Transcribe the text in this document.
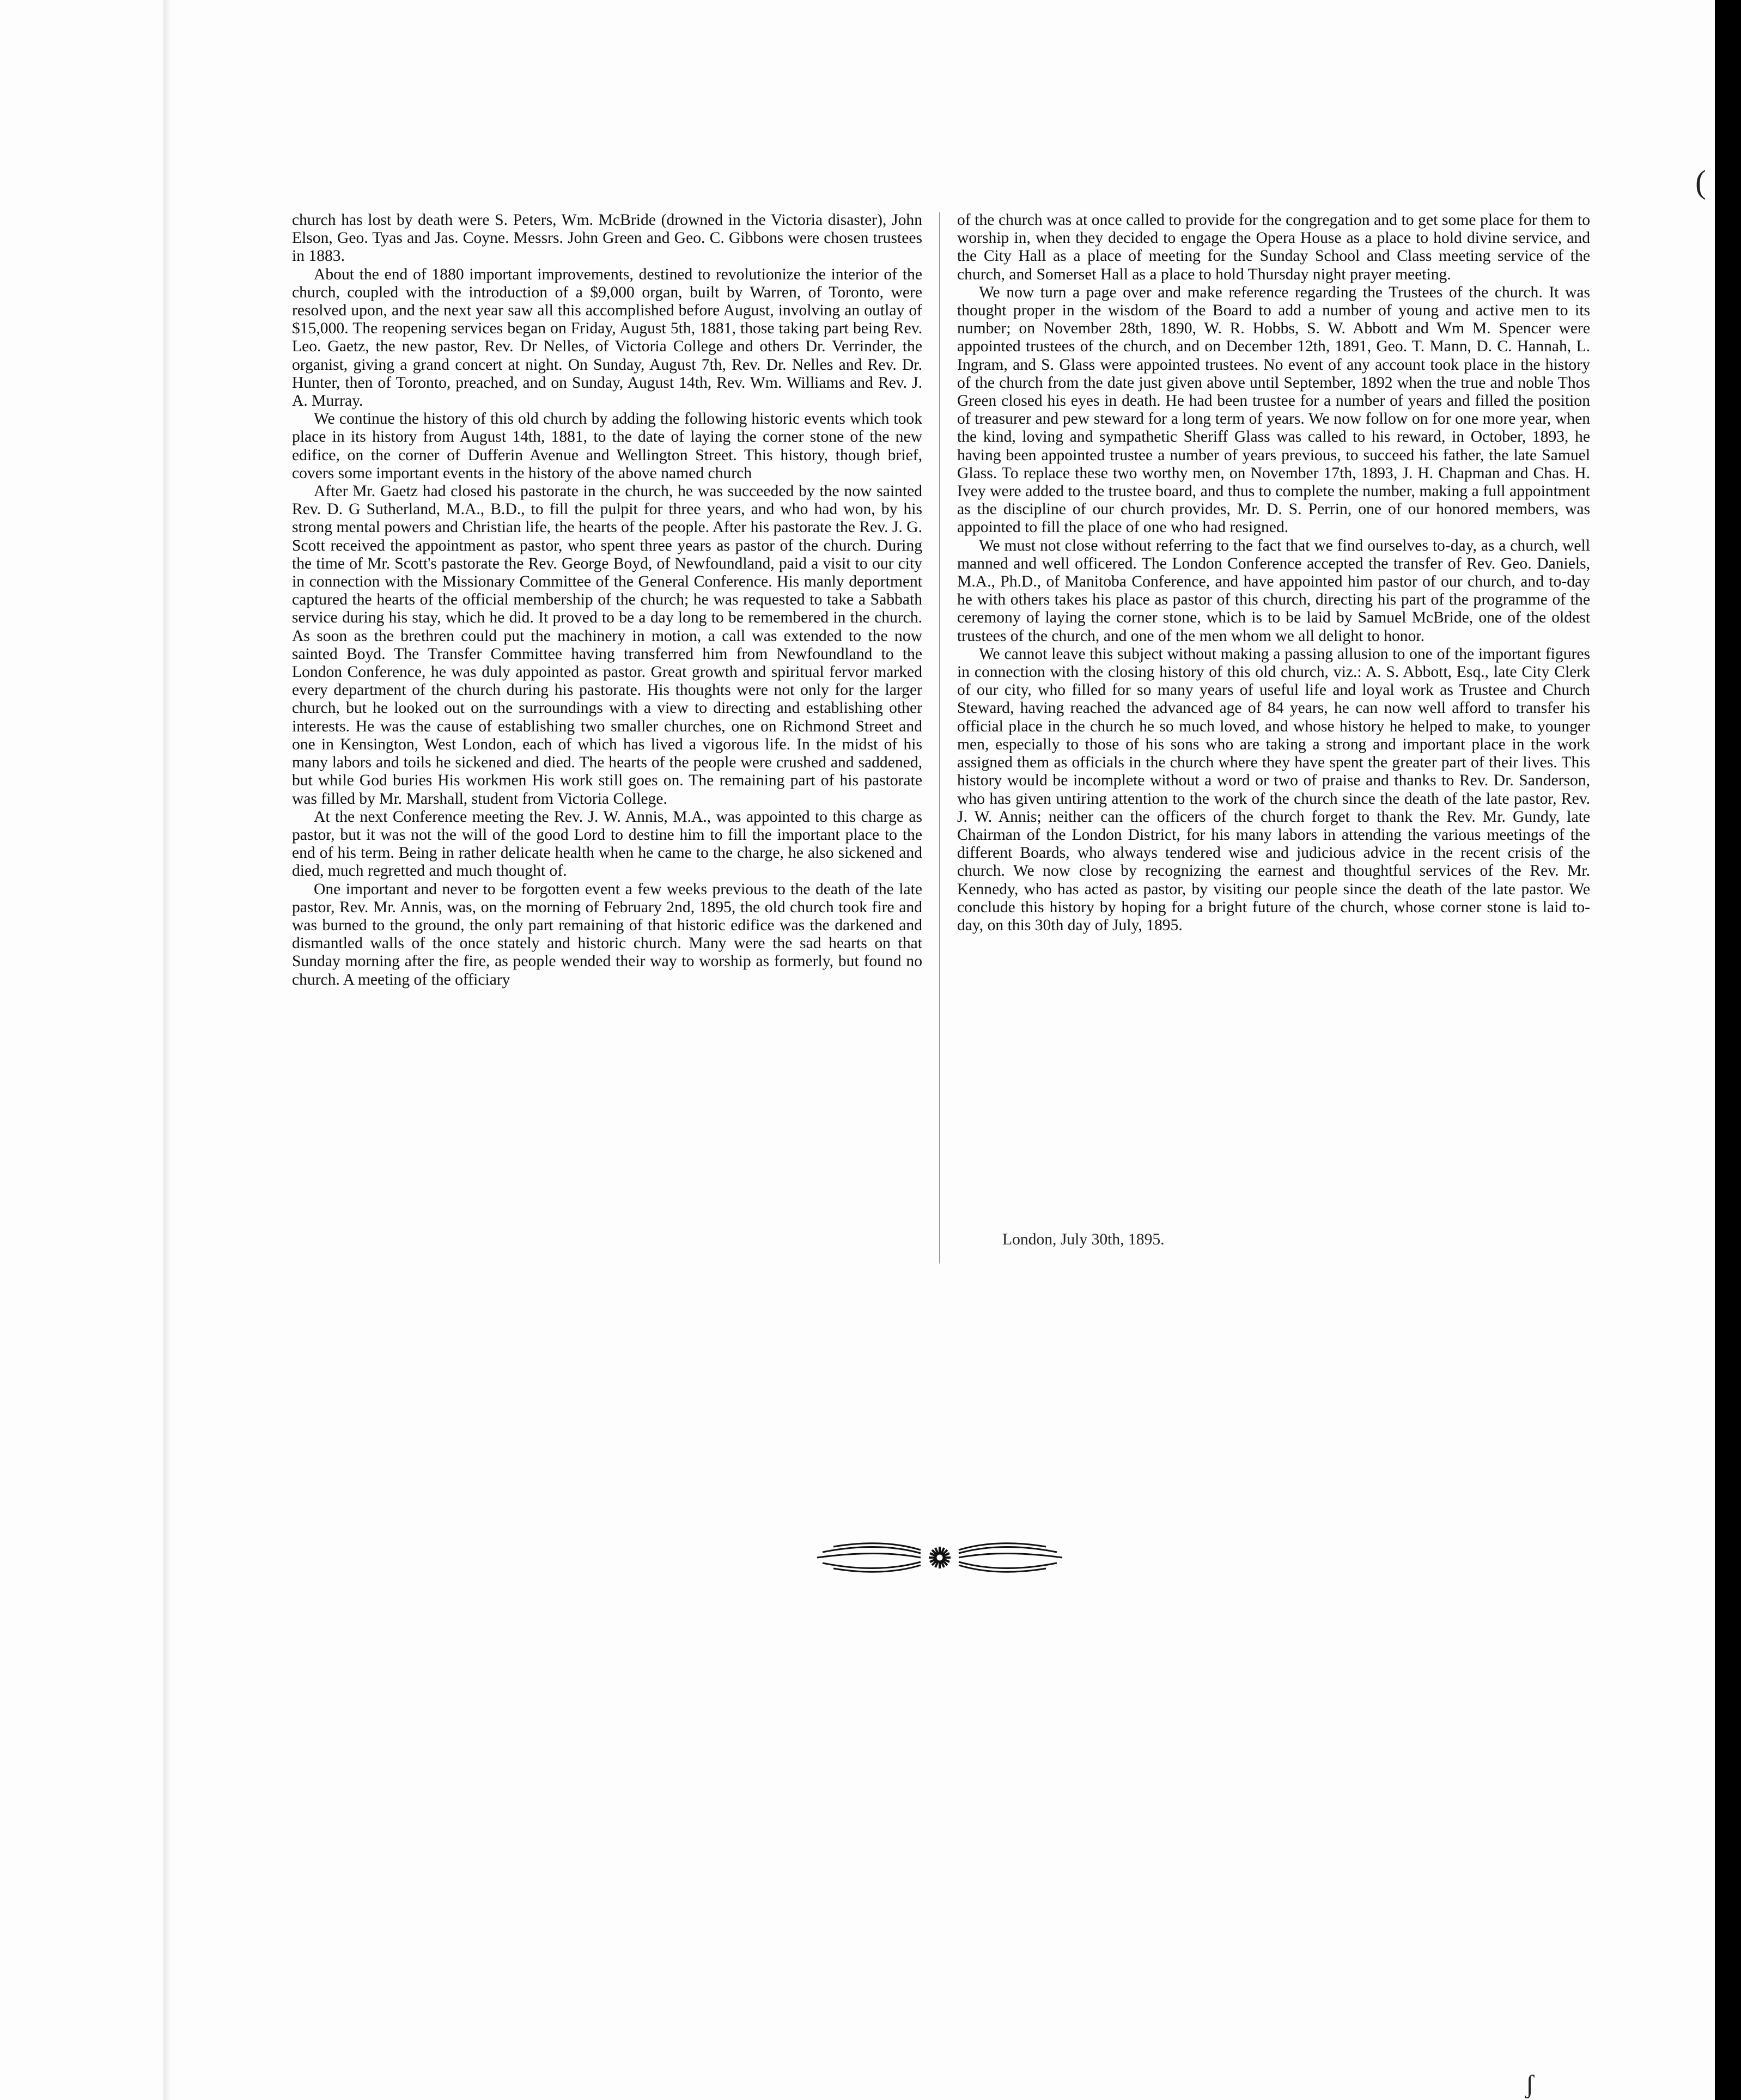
church has lost by death were S. Peters, Wm. McBride (drowned in the Victoria disaster), John Elson, Geo. Tyas and Jas. Coyne. Messrs. John Green and Geo. C. Gibbons were chosen trustees in 1883.

About the end of 1880 important improvements, destined to revolutionize the interior of the church, coupled with the introduction of a $9,000 organ, built by Warren, of Toronto, were resolved upon, and the next year saw all this accomplished before August, involving an outlay of $15,000. The reopening services began on Friday, August 5th, 1881, those taking part being Rev. Leo. Gaetz, the new pastor, Rev. Dr Nelles, of Victoria College and others Dr. Verrinder, the organist, giving a grand concert at night. On Sunday, August 7th, Rev. Dr. Nelles and Rev. Dr. Hunter, then of Toronto, preached, and on Sunday, August 14th, Rev. Wm. Williams and Rev. J. A. Murray.

We continue the history of this old church by adding the following historic events which took place in its history from August 14th, 1881, to the date of laying the corner stone of the new edifice, on the corner of Dufferin Avenue and Wellington Street. This history, though brief, covers some important events in the history of the above named church

After Mr. Gaetz had closed his pastorate in the church, he was succeeded by the now sainted Rev. D. G Sutherland, M.A., B.D., to fill the pulpit for three years, and who had won, by his strong mental powers and Christian life, the hearts of the people. After his pastorate the Rev. J. G. Scott received the appointment as pastor, who spent three years as pastor of the church. During the time of Mr. Scott's pastorate the Rev. George Boyd, of Newfoundland, paid a visit to our city in connection with the Missionary Committee of the General Conference. His manly deportment captured the hearts of the official membership of the church; he was requested to take a Sabbath service during his stay, which he did. It proved to be a day long to be remembered in the church. As soon as the brethren could put the machinery in motion, a call was extended to the now sainted Boyd. The Transfer Committee having transferred him from Newfoundland to the London Conference, he was duly appointed as pastor. Great growth and spiritual fervor marked every department of the church during his pastorate. His thoughts were not only for the larger church, but he looked out on the surroundings with a view to directing and establishing other interests. He was the cause of establishing two smaller churches, one on Richmond Street and one in Kensington, West London, each of which has lived a vigorous life. In the midst of his many labors and toils he sickened and died. The hearts of the people were crushed and saddened, but while God buries His workmen His work still goes on. The remaining part of his pastorate was filled by Mr. Marshall, student from Victoria College.

At the next Conference meeting the Rev. J. W. Annis, M.A., was appointed to this charge as pastor, but it was not the will of the good Lord to destine him to fill the important place to the end of his term. Being in rather delicate health when he came to the charge, he also sickened and died, much regretted and much thought of.

One important and never to be forgotten event a few weeks previous to the death of the late pastor, Rev. Mr. Annis, was, on the morning of February 2nd, 1895, the old church took fire and was burned to the ground, the only part remaining of that historic edifice was the darkened and dismantled walls of the once stately and historic church. Many were the sad hearts on that Sunday morning after the fire, as people wended their way to worship as formerly, but found no church. A meeting of the officiary

of the church was at once called to provide for the congregation and to get some place for them to worship in, when they decided to engage the Opera House as a place to hold divine service, and the City Hall as a place of meeting for the Sunday School and Class meeting service of the church, and Somerset Hall as a place to hold Thursday night prayer meeting.

We now turn a page over and make reference regarding the Trustees of the church. It was thought proper in the wisdom of the Board to add a number of young and active men to its number; on November 28th, 1890, W. R. Hobbs, S. W. Abbott and Wm M. Spencer were appointed trustees of the church, and on December 12th, 1891, Geo. T. Mann, D. C. Hannah, L. Ingram, and S. Glass were appointed trustees. No event of any account took place in the history of the church from the date just given above until September, 1892 when the true and noble Thos Green closed his eyes in death. He had been trustee for a number of years and filled the position of treasurer and pew steward for a long term of years. We now follow on for one more year, when the kind, loving and sympathetic Sheriff Glass was called to his reward, in October, 1893, he having been appointed trustee a number of years previous, to succeed his father, the late Samuel Glass. To replace these two worthy men, on November 17th, 1893, J. H. Chapman and Chas. H. Ivey were added to the trustee board, and thus to complete the number, making a full appointment as the discipline of our church provides, Mr. D. S. Perrin, one of our honored members, was appointed to fill the place of one who had resigned.

We must not close without referring to the fact that we find ourselves to-day, as a church, well manned and well officered. The London Conference accepted the transfer of Rev. Geo. Daniels, M.A., Ph.D., of Manitoba Conference, and have appointed him pastor of our church, and to-day he with others takes his place as pastor of this church, directing his part of the programme of the ceremony of laying the corner stone, which is to be laid by Samuel McBride, one of the oldest trustees of the church, and one of the men whom we all delight to honor.

We cannot leave this subject without making a passing allusion to one of the important figures in connection with the closing history of this old church, viz.: A. S. Abbott, Esq., late City Clerk of our city, who filled for so many years of useful life and loyal work as Trustee and Church Steward, having reached the advanced age of 84 years, he can now well afford to transfer his official place in the church he so much loved, and whose history he helped to make, to younger men, especially to those of his sons who are taking a strong and important place in the work assigned them as officials in the church where they have spent the greater part of their lives. This history would be incomplete without a word or two of praise and thanks to Rev. Dr. Sanderson, who has given untiring attention to the work of the church since the death of the late pastor, Rev. J. W. Annis; neither can the officers of the church forget to thank the Rev. Mr. Gundy, late Chairman of the London District, for his many labors in attending the various meetings of the different Boards, who always tendered wise and judicious advice in the recent crisis of the church. We now close by recognizing the earnest and thoughtful services of the Rev. Mr. Kennedy, who has acted as pastor, by visiting our people since the death of the late pastor. We conclude this history by hoping for a bright future of the church, whose corner stone is laid to-day, on this 30th day of July, 1895.

London, July 30th, 1895.
(
ʃ
